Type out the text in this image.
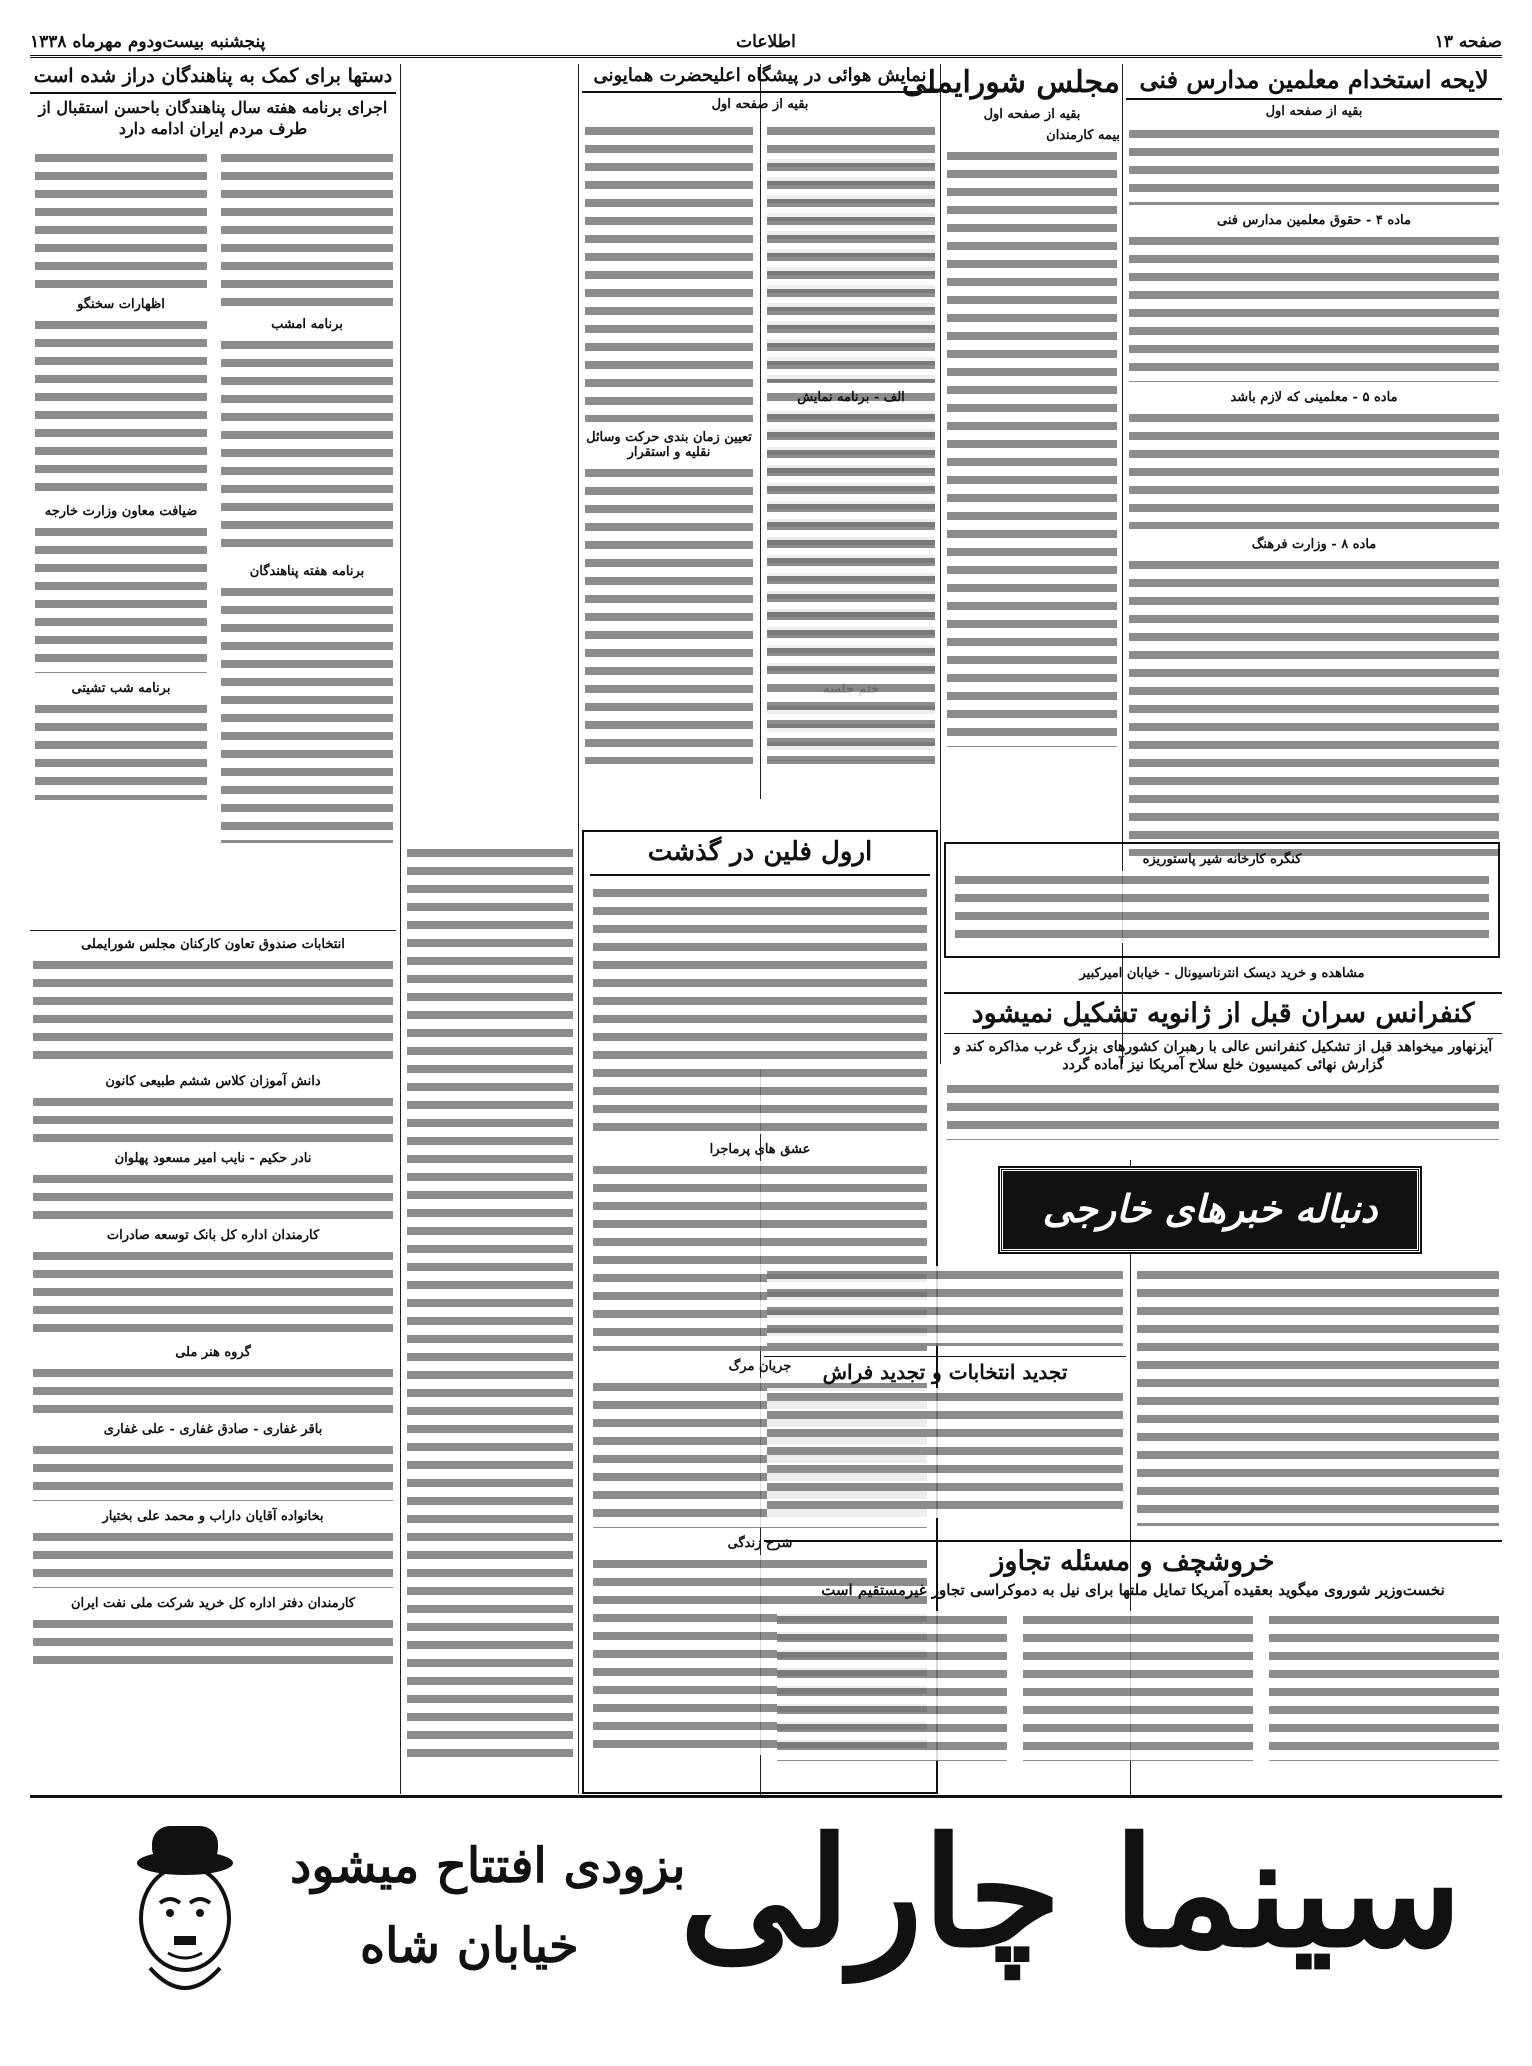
صفحه ۱۳
اطلاعات
پنجشنبه بیست‌ودوم مهرماه ۱۳۳۸
لایحه استخدام معلمین مدارس فنی
بقیه از صفحه اول
ماده ۴ - حقوق معلمین مدارس فنی
ماده ۵ - معلمینی که لازم باشد
ماده ۸ - وزارت فرهنگ
کنگره کارخانه شیر پاستوریزه
مشاهده و خرید دیسک انترناسیونال - خیابان امیرکبیر
مجلس شورایملی
بقیه از صفحه اول
بیمه کارمندان
نمایش هوائی در پیشگاه اعلیحضرت همایونی
بقیه از صفحه اول
الف - برنامه نمایش
تعیین زمان بندی حرکت وسائل نقلیه و استقرار
دستها برای کمک به پناهندگان دراز شده است
اجرای برنامه هفته سال پناهندگان باحسن استقبال از طرف مردم ایران ادامه دارد
برنامه امشب
برنامه هفته پناهندگان
اظهارات سخنگو
ضیافت معاون وزارت خارجه
برنامه شب تشیتی
انتخابات صندوق تعاون کارکنان مجلس شورایملی
دانش آموزان کلاس ششم طبیعی کانون
نادر حکیم - نایب امیر مسعود پهلوان
کارمندان اداره کل بانک توسعه صادرات
گروه هنر ملی
باقر غفاری - صادق غفاری - علی غفاری
بخانواده آقایان داراب و محمد علی بختیار
کارمندان دفتر اداره کل خرید شرکت ملی نفت ایران
ارول فلین در گذشت
عشق های پرماجرا
جریان مرگ
شرح زندگی
کنفرانس سران قبل از ژانویه تشکیل نمیشود
آیزنهاور میخواهد قبل از تشکیل کنفرانس عالی با رهبران کشورهای بزرگ غرب مذاکره کند و گزارش نهائی کمیسیون خلع سلاح آمریکا نیز آماده گردد
دنباله خبرهای خارجی
تجدید انتخابات و تجدید فراش
خروشچف و مسئله تجاوز
نخست‌وزیر شوروی میگوید بعقیده آمریکا تمایل ملتها برای نیل به دموکراسی تجاوز غیرمستقیم است
سینما چارلی
بزودی افتتاح میشود
خیابان شاه
